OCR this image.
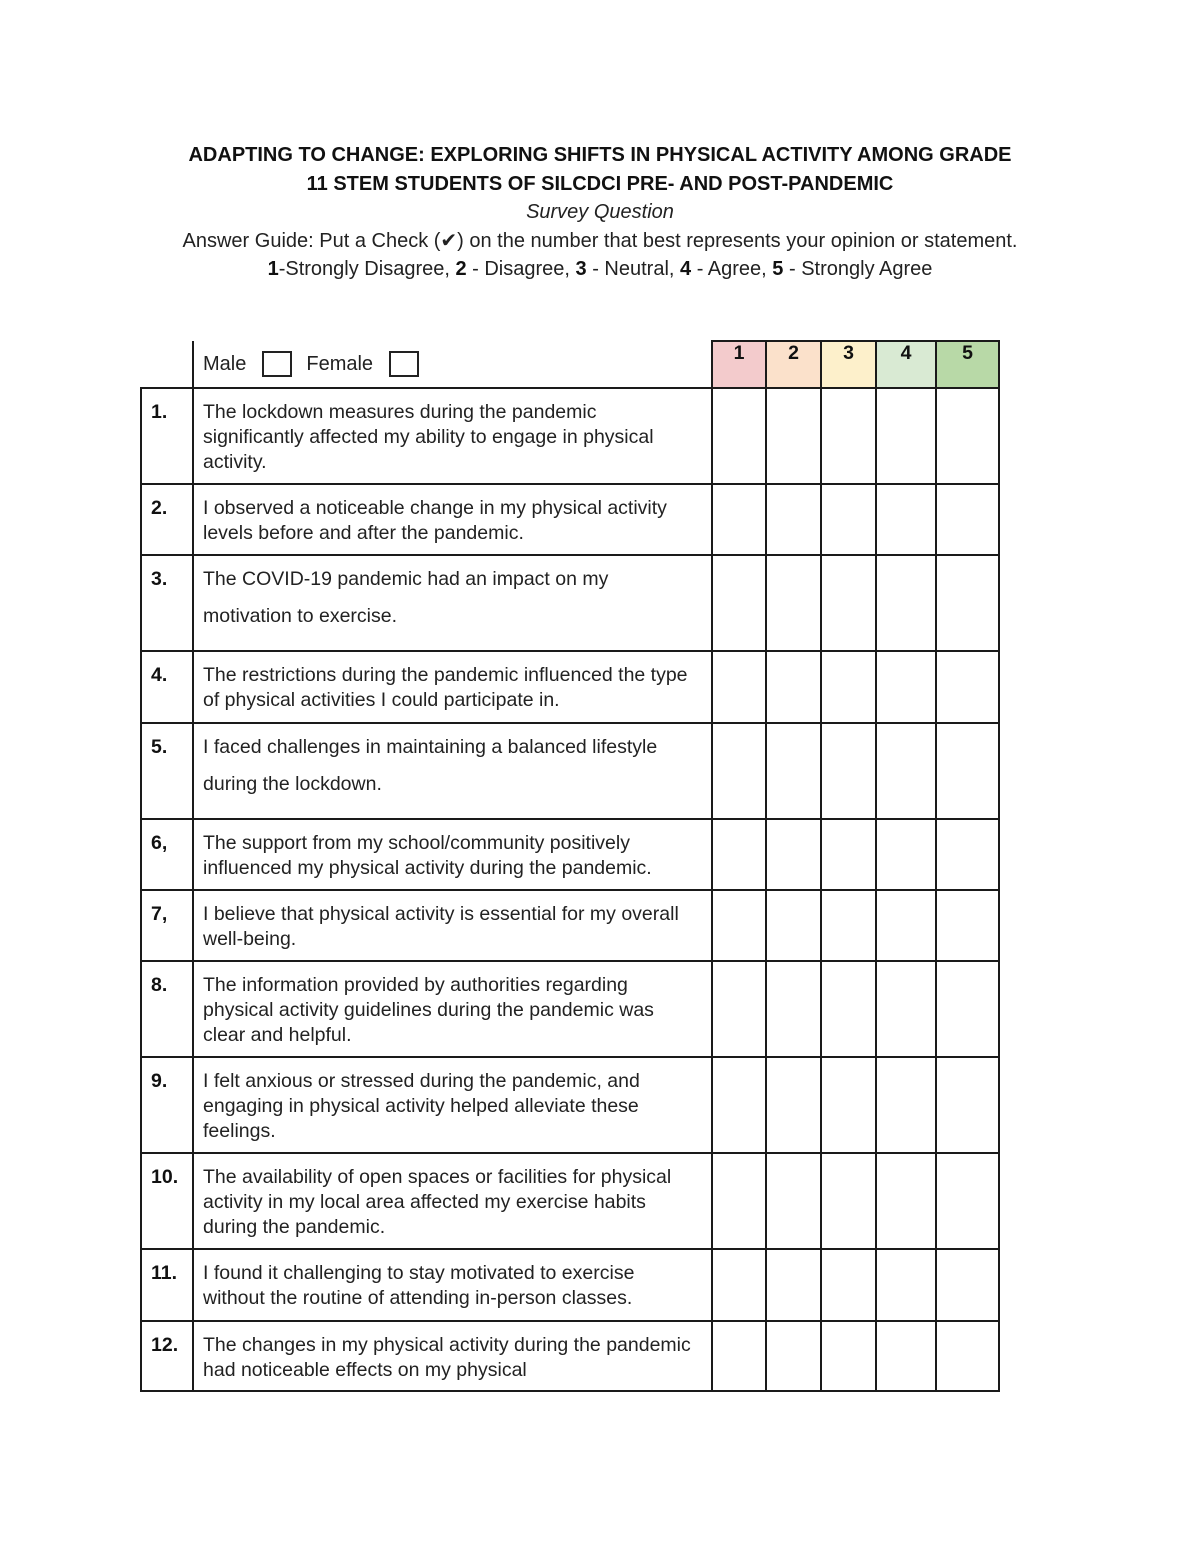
ADAPTING TO CHANGE: EXPLORING SHIFTS IN PHYSICAL ACTIVITY AMONG GRADE
11 STEM STUDENTS OF SILCDCI PRE- AND POST-PANDEMIC
Survey Question
Answer Guide: Put a Check (✔) on the number that best represents your opinion or statement.
1-Strongly Disagree, 2 - Disagree, 3 - Neutral, 4 - Agree, 5 - Strongly Agree

	Male Female	1	2	3	4	5
1.	The lockdown measures during the pandemic significantly affected my ability to engage in physical activity.					
2.	I observed a noticeable change in my physical activity levels before and after the pandemic.					
3.	The COVID-19 pandemic had an impact on my motivation to exercise.					
4.	The restrictions during the pandemic influenced the type of physical activities I could participate in.					
5.	I faced challenges in maintaining a balanced lifestyle during the lockdown.					
6,	The support from my school/community positively influenced my physical activity during the pandemic.					
7,	I believe that physical activity is essential for my overall well-being.					
8.	The information provided by authorities regarding physical activity guidelines during the pandemic was clear and helpful.					
9.	I felt anxious or stressed during the pandemic, and engaging in physical activity helped alleviate these feelings.					
10.	The availability of open spaces or facilities for physical activity in my local area affected my exercise habits during the pandemic.					
11.	I found it challenging to stay motivated to exercise without the routine of attending in-person classes.					
12.	The changes in my physical activity during the pandemic had noticeable effects on my physical					
